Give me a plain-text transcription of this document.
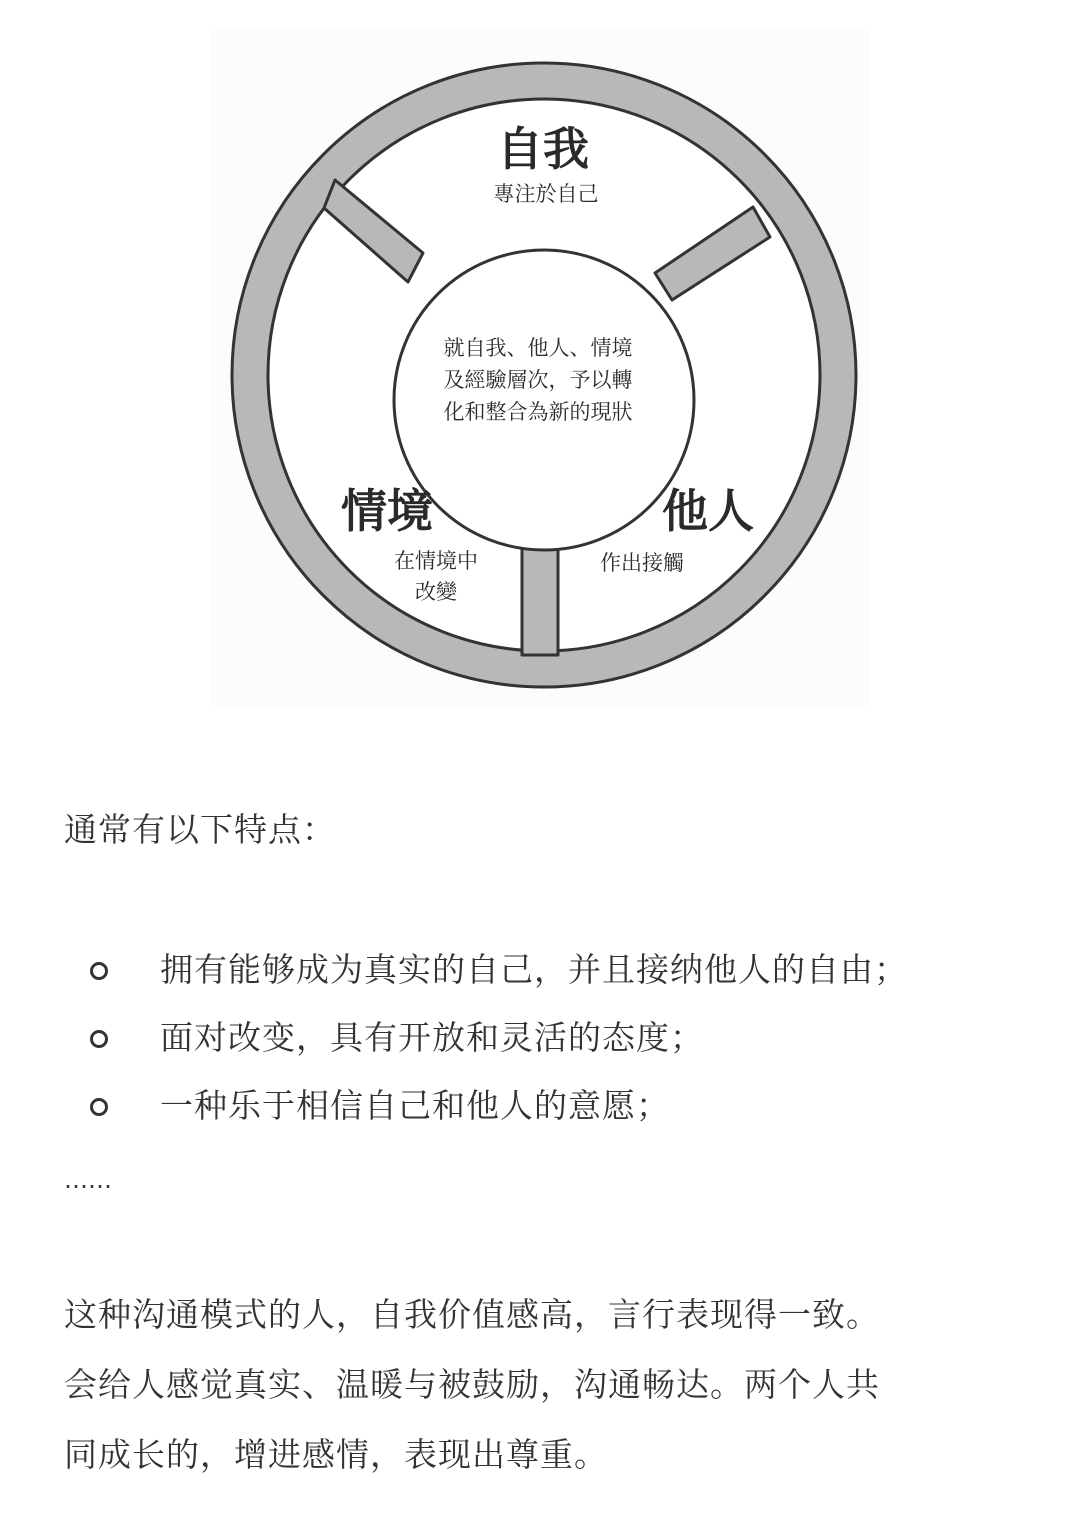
就自我、他人、情境
及經驗層次，予以轉
化和整合為新的現狀
自我
專注於自己
情境
在情境中
改變
他人
作出接觸

通常有以下特点：

拥有能够成为真实的自己，并且接纳他人的自由；
面对改变，具有开放和灵活的态度；
一种乐于相信自己和他人的意愿；
……

这种沟通模式的人，自我价值感高，言行表现得一致。
会给人感觉真实、温暖与被鼓励，沟通畅达。两个人共
同成长的，增进感情，表现出尊重。
